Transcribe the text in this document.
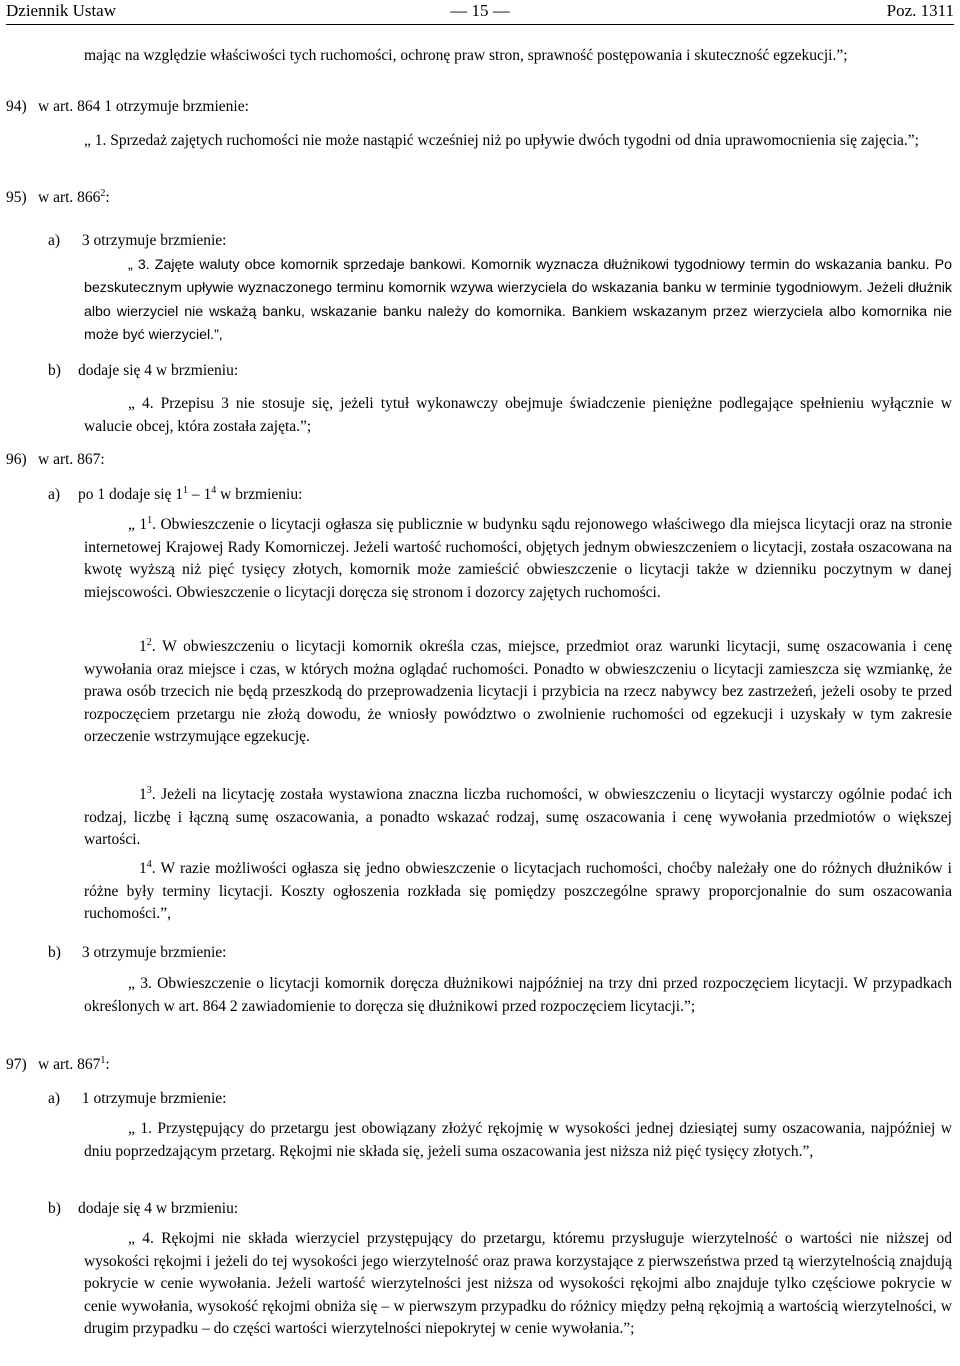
Dziennik Ustaw	— 15 —	Poz. 1311
mając na względzie właściwości tych ruchomości, ochronę praw stron, sprawność postępowania i skuteczność egzekucji.”;
94) w art. 864 1 otrzymuje brzmienie:
„ 1. Sprzedaż zajętych ruchomości nie może nastąpić wcześniej niż po upływie dwóch tygodni od dnia uprawomocnienia się zajęcia.”;
95) w art. $866^2$:
a) 3 otrzymuje brzmienie:
„ 3. Zajęte waluty obce komornik sprzedaje bankowi. Komornik wyznacza dłużnikowi tygodniowy termin do wskazania banku. Po bezskutecznym upływie wyznaczonego terminu komornik wzywa wierzyciela do wskazania banku w terminie tygodniowym. Jeżeli dłużnik albo wierzyciel nie wskażą banku, wskazanie banku należy do komornika. Bankiem wskazanym przez wierzyciela albo komornika nie może być wierzyciel.”,
b) dodaje się 4 w brzmieniu:
„ 4. Przepisu 3 nie stosuje się, jeżeli tytuł wykonawczy obejmuje świadczenie pieniężne podlegające spełnieniu wyłącznie w walucie obcej, która została zajęta.”;
96) w art. 867:
a) po 1 dodaje się $1^1 - 1^4$ w brzmieniu:
„ $1^1$. Obwieszczenie o licytacji ogłasza się publicznie w budynku sądu rejonowego właściwego dla miejsca licytacji oraz na stronie internetowej Krajowej Rady Komorniczej. Jeżeli wartość ruchomości, objętych jednym obwieszczeniem o licytacji, została oszacowana na kwotę wyższą niż pięć tysięcy złotych, komornik może zamieścić obwieszczenie o licytacji także w dzienniku poczytnym w danej miejscowości. Obwieszczenie o licytacji doręcza się stronom i dozorcy zajętych ruchomości.
$1^2$. W obwieszczeniu o licytacji komornik określa czas, miejsce, przedmiot oraz warunki licytacji, sumę oszacowania i cenę wywołania oraz miejsce i czas, w których można oglądać ruchomości. Ponadto w obwieszczeniu o licytacji zamieszcza się wzmiankę, że prawa osób trzecich nie będą przeszkodą do przeprowadzenia licytacji i przybicia na rzecz nabywcy bez zastrzeżeń, jeżeli osoby te przed rozpoczęciem przetargu nie złożą dowodu, że wniosły powództwo o zwolnienie ruchomości od egzekucji i uzyskały w tym zakresie orzeczenie wstrzymujące egzekucję.
$1^3$. Jeżeli na licytację została wystawiona znaczna liczba ruchomości, w obwieszczeniu o licytacji wystarczy ogólnie podać ich rodzaj, liczbę i łączną sumę oszacowania, a ponadto wskazać rodzaj, sumę oszacowania i cenę wywołania przedmiotów o większej wartości.
$1^4$. W razie możliwości ogłasza się jedno obwieszczenie o licytacjach ruchomości, choćby należały one do różnych dłużników i różne były terminy licytacji. Koszty ogłoszenia rozkłada się pomiędzy poszczególne sprawy proporcjonalnie do sum oszacowania ruchomości.”,
b) 3 otrzymuje brzmienie:
„ 3. Obwieszczenie o licytacji komornik doręcza dłużnikowi najpóźniej na trzy dni przed rozpoczęciem licytacji. W przypadkach określonych w art. 864 2 zawiadomienie to doręcza się dłużnikowi przed rozpoczęciem licytacji.”;
97) w art. $867^1$:
a) 1 otrzymuje brzmienie:
„ 1. Przystępujący do przetargu jest obowiązany złożyć rękojmię w wysokości jednej dziesiątej sumy oszacowania, najpóźniej w dniu poprzedzającym przetarg. Rękojmi nie składa się, jeżeli suma oszacowania jest niższa niż pięć tysięcy złotych.”,
b) dodaje się 4 w brzmieniu:
„ 4. Rękojmi nie składa wierzyciel przystępujący do przetargu, któremu przysługuje wierzytelność o wartości nie niższej od wysokości rękojmi i jeżeli do tej wysokości jego wierzytelność oraz prawa korzystające z pierwszeństwa przed tą wierzytelnością znajdują pokrycie w cenie wywołania. Jeżeli wartość wierzytelności jest niższa od wysokości rękojmi albo znajduje tylko częściowe pokrycie w cenie wywołania, wysokość rękojmi obniża się – w pierwszym przypadku do różnicy między pełną rękojmią a wartością wierzytelności, w drugim przypadku – do części wartości wierzytelności niepokrytej w cenie wywołania.”;
